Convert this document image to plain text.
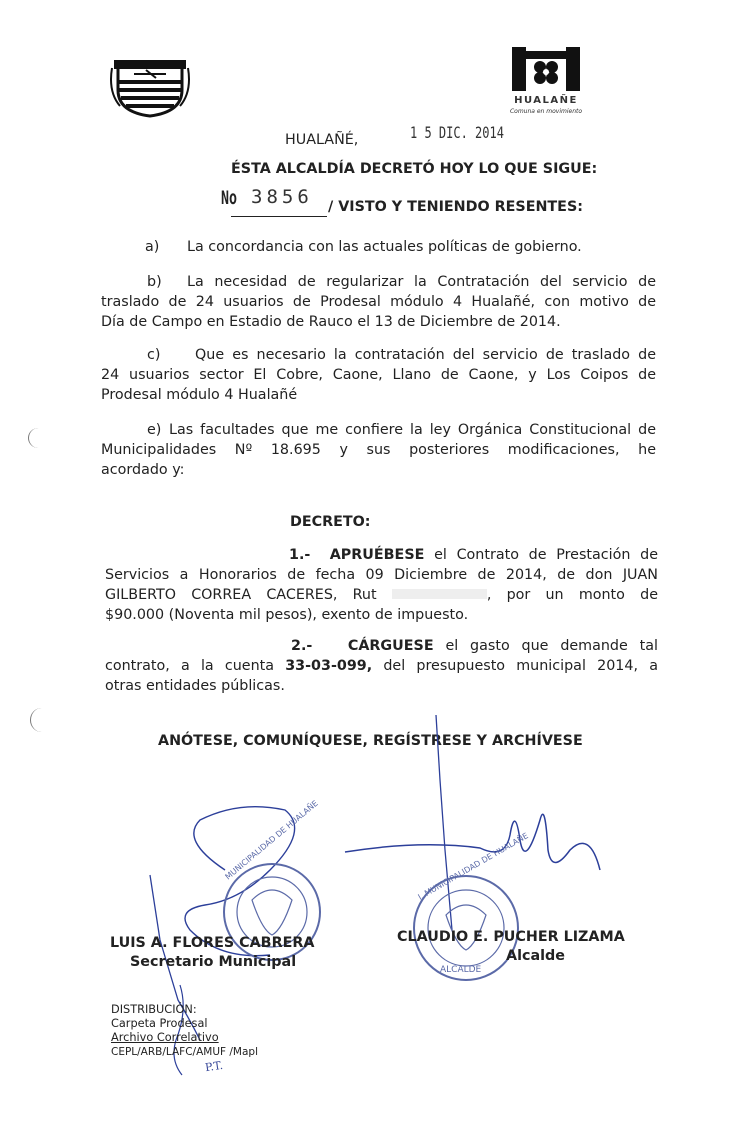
HUALAÑE
Comuna en movimiento
HUALAÑÉ,	1 5 DIC. 2014
ÉSTA ALCALDÍA DECRETÓ HOY LO QUE SIGUE:
No 3856 / VISTO Y TENIENDO RESENTES:
a) La concordancia con las actuales políticas de gobierno.
b) La necesidad de regularizar la Contratación del servicio de
traslado de 24 usuarios de Prodesal módulo 4 Hualañé, con motivo de
Día de Campo en Estadio de Rauco el 13 de Diciembre de 2014.
c) Que es necesario la contratación del servicio de traslado de
24 usuarios sector El Cobre, Caone, Llano de Caone, y Los Coipos de
Prodesal módulo 4 Hualañé
e) Las facultades que me confiere la ley Orgánica Constitucional de
Municipalidades Nº 18.695 y sus posteriores modificaciones, he
acordado y:
DECRETO:
1.- APRUÉBESE el Contrato de Prestación de
Servicios a Honorarios de fecha 09 Diciembre de 2014, de don JUAN
GILBERTO CORREA CACERES, Rut	, por un monto de
$90.000 (Noventa mil pesos), exento de impuesto.
2.- CÁRGUESE el gasto que demande tal
contrato, a la cuenta 33-03-099, del presupuesto municipal 2014, a
otras entidades públicas.
ANÓTESE, COMUNÍQUESE, REGÍSTRESE Y ARCHÍVESE
MUNICIPALIDAD DE HUALAÑE	I. MUNICIPALIDAD DE HUALAÑE
ALCALDE
LUIS A. FLORES CABRERA
Secretario Municipal
CLAUDIO E. PUCHER LIZAMA
Alcalde
DISTRIBUCIÓN:
Carpeta Prodesal
Archivo Correlativo
CEPL/ARB/LAFC/AMUF /Mapl
P.T.
